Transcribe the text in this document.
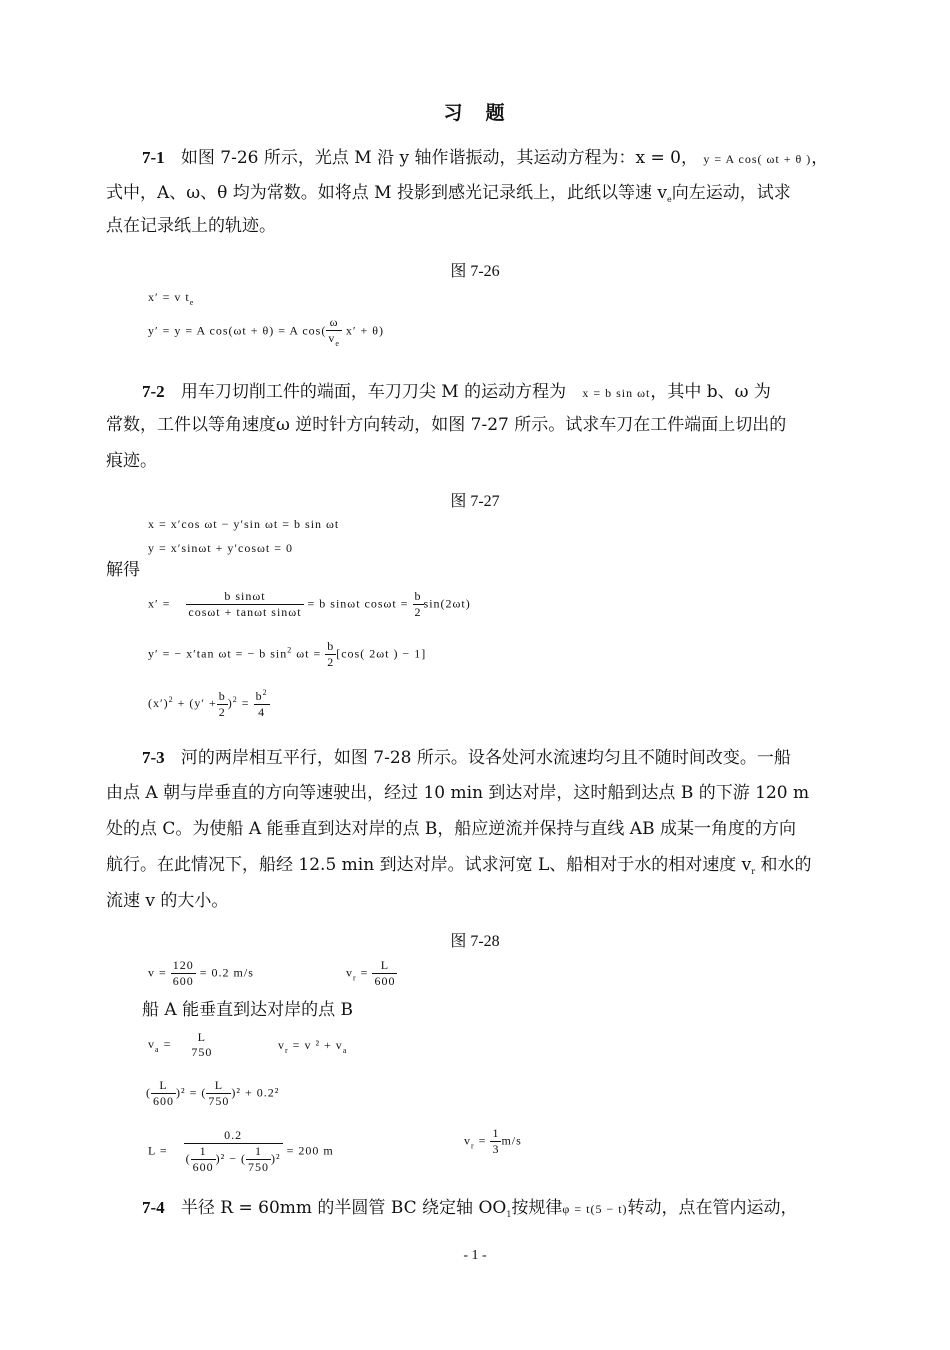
习　题
7-1 如图 7-26 所示，光点 M 沿 y 轴作谐振动，其运动方程为：x = 0， y = A cos( ωt + θ )，
式中，A、ω、θ 均为常数。如将点 M 投影到感光记录纸上，此纸以等速 $v_e$向左运动，试求
点在记录纸上的轨迹。
图 7-26
x′ = v $t_e$
y′ = y = A cos(ωt + θ) = A $\cos( \frac{\omega}{v_e} x' + \theta)$
7-2 用车刀切削工件的端面，车刀刀尖 M 的运动方程为 x = b sin ωt，其中 b、ω 为
常数，工件以等角速度ω 逆时针方向转动，如图 7-27 所示。试求车刀在工件端面上切出的
痕迹。
图 7-27
x = x′cos ωt − y′sin ωt = b sin ωt
y = x′sinωt + y′cosωt = 0
解得
$x' = \frac{\text{b sinωt}}{\text{cosωt + tanωt sinωt}} = b$ sinωt $\cos\omega t = \frac{b}{2} \sin(2\omega t)$
y′ = − x′tan ωt = − b $\sin^2 \omega t = \frac{b}{2} [\cos$( 2ωt ) − 1]
$(x')^2 + (y' + \frac{b}{2} )^2 = \frac{b^2}{4}$
7-3 河的两岸相互平行，如图 7-28 所示。设各处河水流速均匀且不随时间改变。一船
由点 A 朝与岸垂直的方向等速驶出，经过 10 min 到达对岸，这时船到达点 B 的下游 120 m
处的点 C。为使船 A 能垂直到达对岸的点 B，船应逆流并保持与直线 AB 成某一角度的方向
航行。在此情况下，船经 12.5 min 到达对岸。试求河宽 L、船相对于水的相对速度 $v_r$ 和水的
流速 v 的大小。
图 7-28
$v = \frac{120}{600} = 0.2$ m/s	$v_r = \frac{L}{600}$
船 A 能垂直到达对岸的点 B
$v_a$ =	L
750	$v_r = v$ $^2 + v_a$
( $\frac{L}{600} )^2$ = ( $\frac{L}{750} )^2 + 0.2^2$
$L = \frac{0.2}{( \frac{1}{600} )^2 - ( \frac{1}{750} )^2} = 200$ m
$v_r = \frac{1}{3} m/s$
7-4 半径 R = 60mm 的半圆管 BC 绕定轴 $OO_1$按规律φ = t(5 − t)转动，点在管内运动，
- 1 -
